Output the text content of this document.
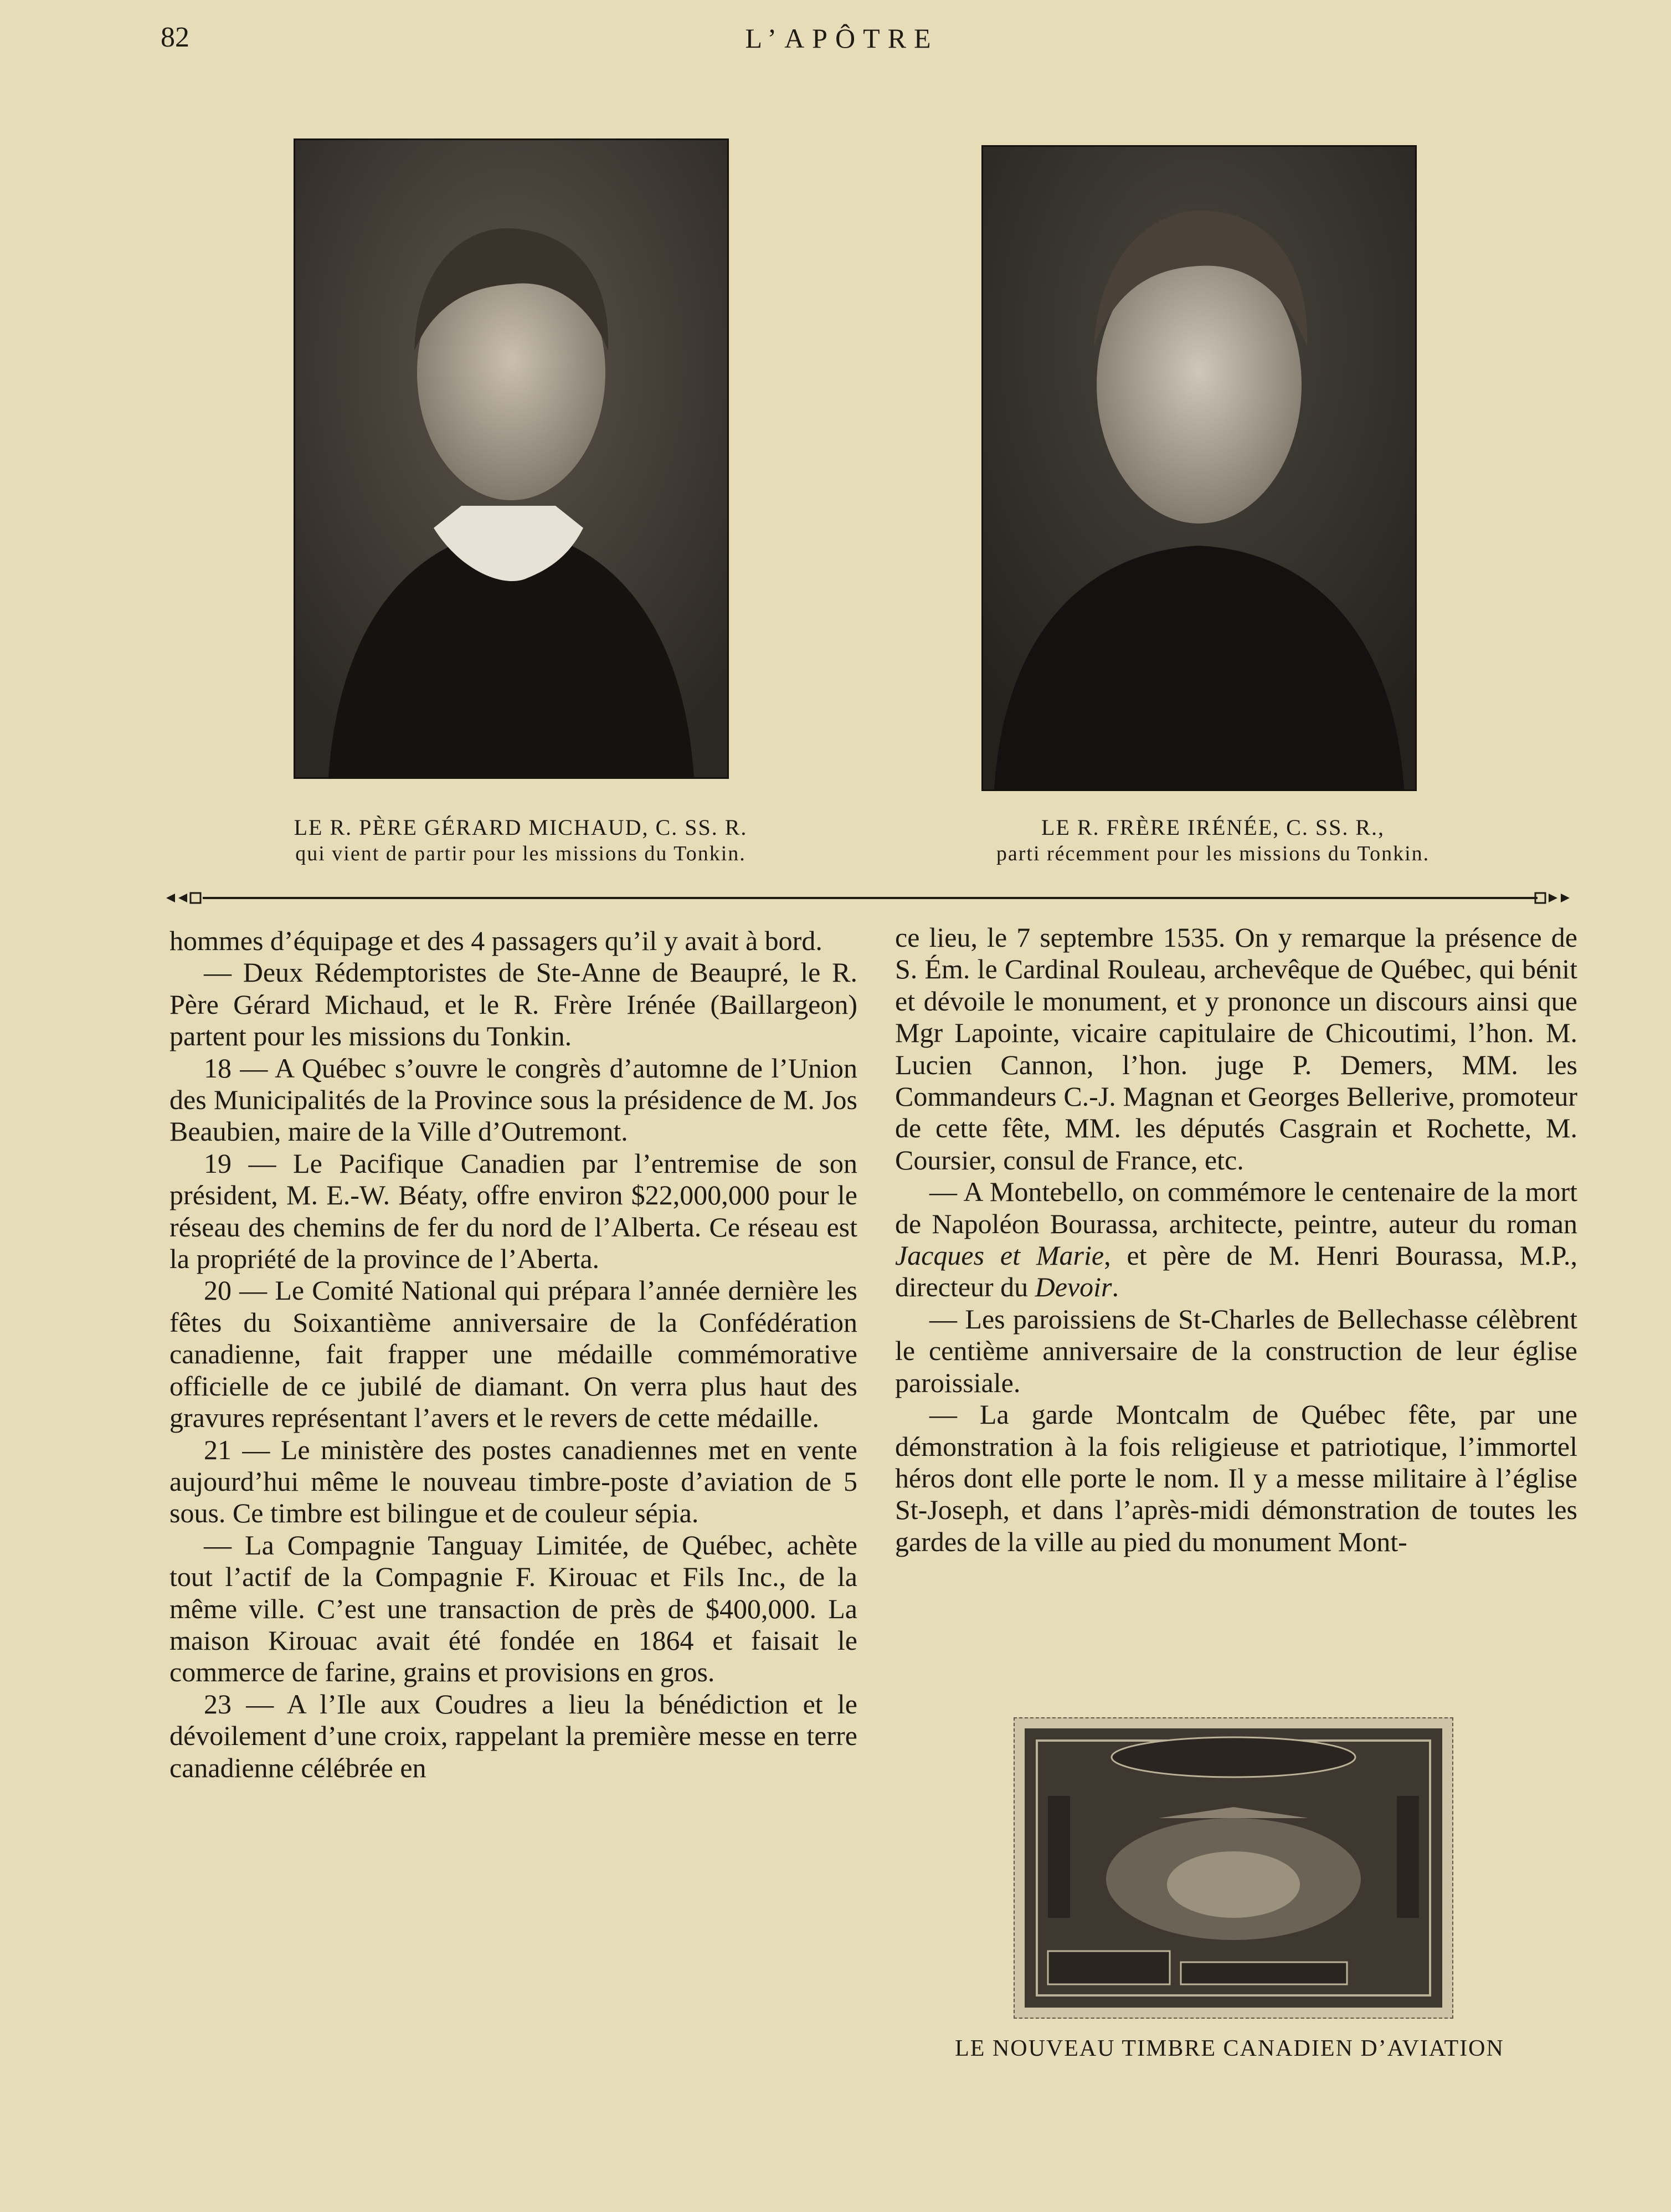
82	L’APÔTRE
LE R. PÈRE GÉRARD MICHAUD, C. SS. R.
qui vient de partir pour les missions du Tonkin.
LE R. FRÈRE IRÉNÉE, C. SS. R.,
parti récemment pour les missions du Tonkin.

hommes d’équipage et des 4 passagers qu’il y avait à bord.

— Deux Rédemptoristes de Ste-Anne de Beaupré, le R. Père Gérard Michaud, et le R. Frère Irénée (Baillargeon) partent pour les missions du Tonkin.

18 — A Québec s’ouvre le congrès d’automne de l’Union des Municipalités de la Province sous la présidence de M. Jos Beaubien, maire de la Ville d’Outremont.

19 — Le Pacifique Canadien par l’entremise de son président, M. E.-W. Béaty, offre environ $22,000,000 pour le réseau des chemins de fer du nord de l’Alberta. Ce réseau est la propriété de la province de l’Aberta.

20 — Le Comité National qui prépara l’année dernière les fêtes du Soixantième anniversaire de la Confédération canadienne, fait frapper une médaille commémorative officielle de ce jubilé de diamant. On verra plus haut des gravures représentant l’avers et le revers de cette médaille.

21 — Le ministère des postes canadiennes met en vente aujourd’hui même le nouveau timbre-poste d’aviation de 5 sous. Ce timbre est bilingue et de couleur sépia.

— La Compagnie Tanguay Limitée, de Québec, achète tout l’actif de la Compagnie F. Kirouac et Fils Inc., de la même ville. C’est une transaction de près de $400,000. La maison Kirouac avait été fondée en 1864 et faisait le commerce de farine, grains et provisions en gros.

23 — A l’Ile aux Coudres a lieu la bénédiction et le dévoilement d’une croix, rappelant la première messe en terre canadienne célébrée en

ce lieu, le 7 septembre 1535. On y remarque la présence de S. Ém. le Cardinal Rouleau, archevêque de Québec, qui bénit et dévoile le monument, et y prononce un discours ainsi que Mgr Lapointe, vicaire capitulaire de Chicoutimi, l’hon. M. Lucien Cannon, l’hon. juge P. Demers, MM. les Commandeurs C.-J. Magnan et Georges Bellerive, promoteur de cette fête, MM. les députés Casgrain et Rochette, M. Coursier, consul de France, etc.

— A Montebello, on commémore le centenaire de la mort de Napoléon Bourassa, architecte, peintre, auteur du roman Jacques et Marie, et père de M. Henri Bourassa, M.P., directeur du Devoir.

— Les paroissiens de St-Charles de Bellechasse célèbrent le centième anniversaire de la construction de leur église paroissiale.

— La garde Montcalm de Québec fête, par une démonstration à la fois religieuse et patriotique, l’immortel héros dont elle porte le nom. Il y a messe militaire à l’église St-Joseph, et dans l’après-midi démonstration de toutes les gardes de la ville au pied du monument Mont-

LE NOUVEAU TIMBRE CANADIEN D’AVIATION
